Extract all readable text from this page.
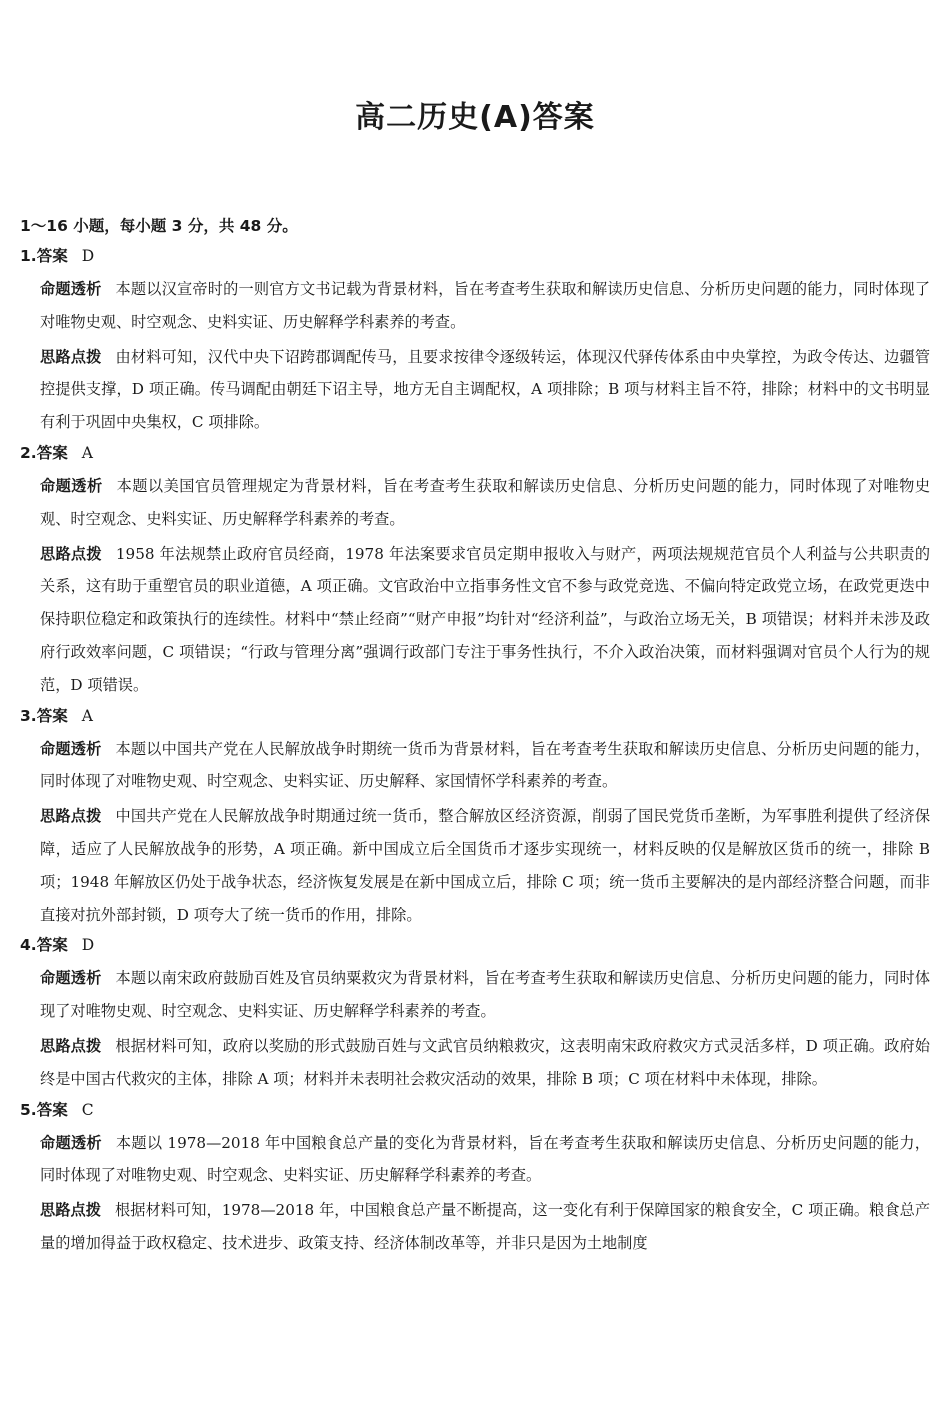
高二历史(A)答案
1～16 小题，每小题 3 分，共 48 分。
1.答案 D
命题透析 本题以汉宣帝时的一则官方文书记载为背景材料，旨在考查考生获取和解读历史信息、分析历史问题的能力，同时体现了对唯物史观、时空观念、史料实证、历史解释学科素养的考查。
思路点拨 由材料可知，汉代中央下诏跨郡调配传马，且要求按律令逐级转运，体现汉代驿传体系由中央掌控，为政令传达、边疆管控提供支撑，D 项正确。传马调配由朝廷下诏主导，地方无自主调配权，A 项排除；B 项与材料主旨不符，排除；材料中的文书明显有利于巩固中央集权，C 项排除。
2.答案 A
命题透析 本题以美国官员管理规定为背景材料，旨在考查考生获取和解读历史信息、分析历史问题的能力，同时体现了对唯物史观、时空观念、史料实证、历史解释学科素养的考查。
思路点拨 1958 年法规禁止政府官员经商，1978 年法案要求官员定期申报收入与财产，两项法规规范官员个人利益与公共职责的关系，这有助于重塑官员的职业道德，A 项正确。文官政治中立指事务性文官不参与政党竞选、不偏向特定政党立场，在政党更迭中保持职位稳定和政策执行的连续性。材料中“禁止经商”“财产申报”均针对“经济利益”，与政治立场无关，B 项错误；材料并未涉及政府行政效率问题，C 项错误；“行政与管理分离”强调行政部门专注于事务性执行，不介入政治决策，而材料强调对官员个人行为的规范，D 项错误。
3.答案 A
命题透析 本题以中国共产党在人民解放战争时期统一货币为背景材料，旨在考查考生获取和解读历史信息、分析历史问题的能力，同时体现了对唯物史观、时空观念、史料实证、历史解释、家国情怀学科素养的考查。
思路点拨 中国共产党在人民解放战争时期通过统一货币，整合解放区经济资源，削弱了国民党货币垄断，为军事胜利提供了经济保障，适应了人民解放战争的形势，A 项正确。新中国成立后全国货币才逐步实现统一，材料反映的仅是解放区货币的统一，排除 B 项；1948 年解放区仍处于战争状态，经济恢复发展是在新中国成立后，排除 C 项；统一货币主要解决的是内部经济整合问题，而非直接对抗外部封锁，D 项夸大了统一货币的作用，排除。
4.答案 D
命题透析 本题以南宋政府鼓励百姓及官员纳粟救灾为背景材料，旨在考查考生获取和解读历史信息、分析历史问题的能力，同时体现了对唯物史观、时空观念、史料实证、历史解释学科素养的考查。
思路点拨 根据材料可知，政府以奖励的形式鼓励百姓与文武官员纳粮救灾，这表明南宋政府救灾方式灵活多样，D 项正确。政府始终是中国古代救灾的主体，排除 A 项；材料并未表明社会救灾活动的效果，排除 B 项；C 项在材料中未体现，排除。
5.答案 C
命题透析 本题以 1978—2018 年中国粮食总产量的变化为背景材料，旨在考查考生获取和解读历史信息、分析历史问题的能力，同时体现了对唯物史观、时空观念、史料实证、历史解释学科素养的考查。
思路点拨 根据材料可知，1978—2018 年，中国粮食总产量不断提高，这一变化有利于保障国家的粮食安全，C 项正确。粮食总产量的增加得益于政权稳定、技术进步、政策支持、经济体制改革等，并非只是因为土地制度
